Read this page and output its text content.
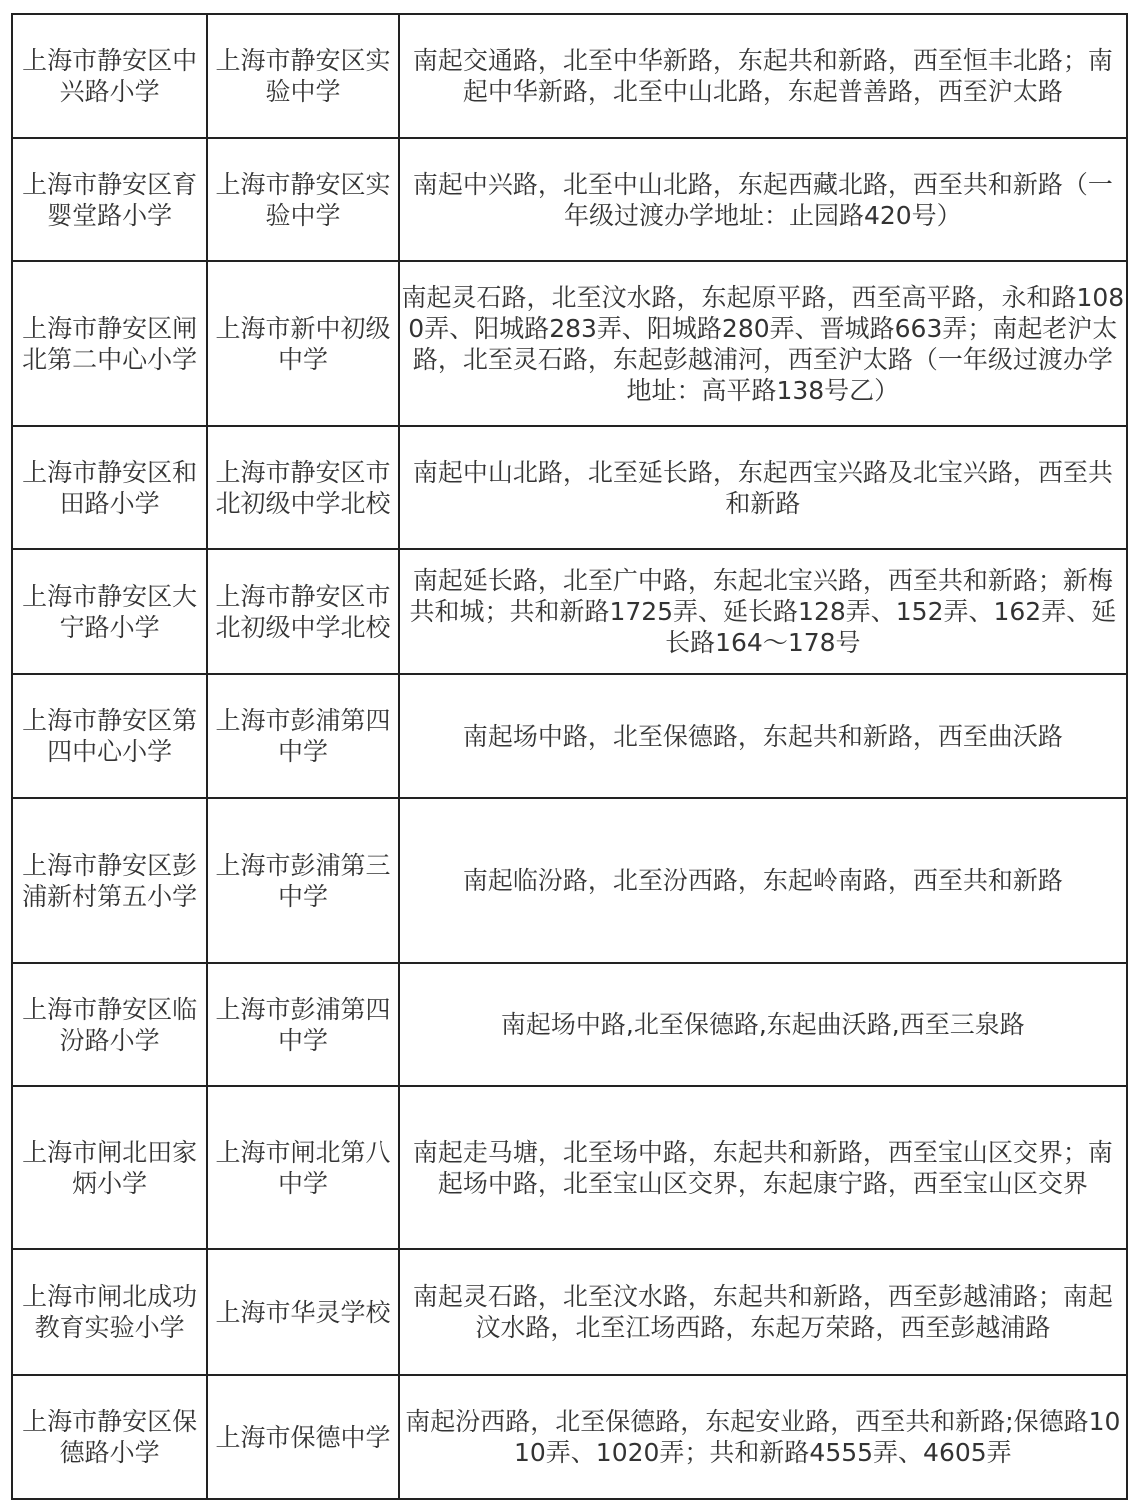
上海市静安区中兴路小学	上海市静安区实验中学	南起交通路，北至中华新路，东起共和新路，西至恒丰北路；南起中华新路，北至中山北路，东起普善路，西至沪太路

上海市静安区育婴堂路小学	上海市静安区实验中学	南起中兴路，北至中山北路，东起西藏北路，西至共和新路（一年级过渡办学地址：止园路420号）

上海市静安区闸北第二中心小学	上海市新中初级中学	南起灵石路，北至汶水路，东起原平路，西至高平路，永和路1080弄、阳城路283弄、阳城路280弄、晋城路663弄；南起老沪太路，北至灵石路，东起彭越浦河，西至沪太路（一年级过渡办学地址：高平路138号乙）

上海市静安区和田路小学	上海市静安区市北初级中学北校	南起中山北路，北至延长路，东起西宝兴路及北宝兴路，西至共和新路

上海市静安区大宁路小学	上海市静安区市北初级中学北校	南起延长路，北至广中路，东起北宝兴路，西至共和新路；新梅共和城；共和新路1725弄、延长路128弄、152弄、162弄、延长路164～178号

上海市静安区第四中心小学	上海市彭浦第四中学	南起场中路，北至保德路，东起共和新路，西至曲沃路

上海市静安区彭浦新村第五小学	上海市彭浦第三中学	南起临汾路，北至汾西路，东起岭南路，西至共和新路

上海市静安区临汾路小学	上海市彭浦第四中学	南起场中路,北至保德路,东起曲沃路,西至三泉路

上海市闸北田家炳小学	上海市闸北第八中学	南起走马塘，北至场中路，东起共和新路，西至宝山区交界；南起场中路，北至宝山区交界，东起康宁路，西至宝山区交界

上海市闸北成功教育实验小学	上海市华灵学校	南起灵石路，北至汶水路，东起共和新路，西至彭越浦路；南起汶水路，北至江场西路，东起万荣路，西至彭越浦路

上海市静安区保德路小学	上海市保德中学	南起汾西路，北至保德路，东起安业路，西至共和新路;保德路1010弄、1020弄；共和新路4555弄、4605弄
